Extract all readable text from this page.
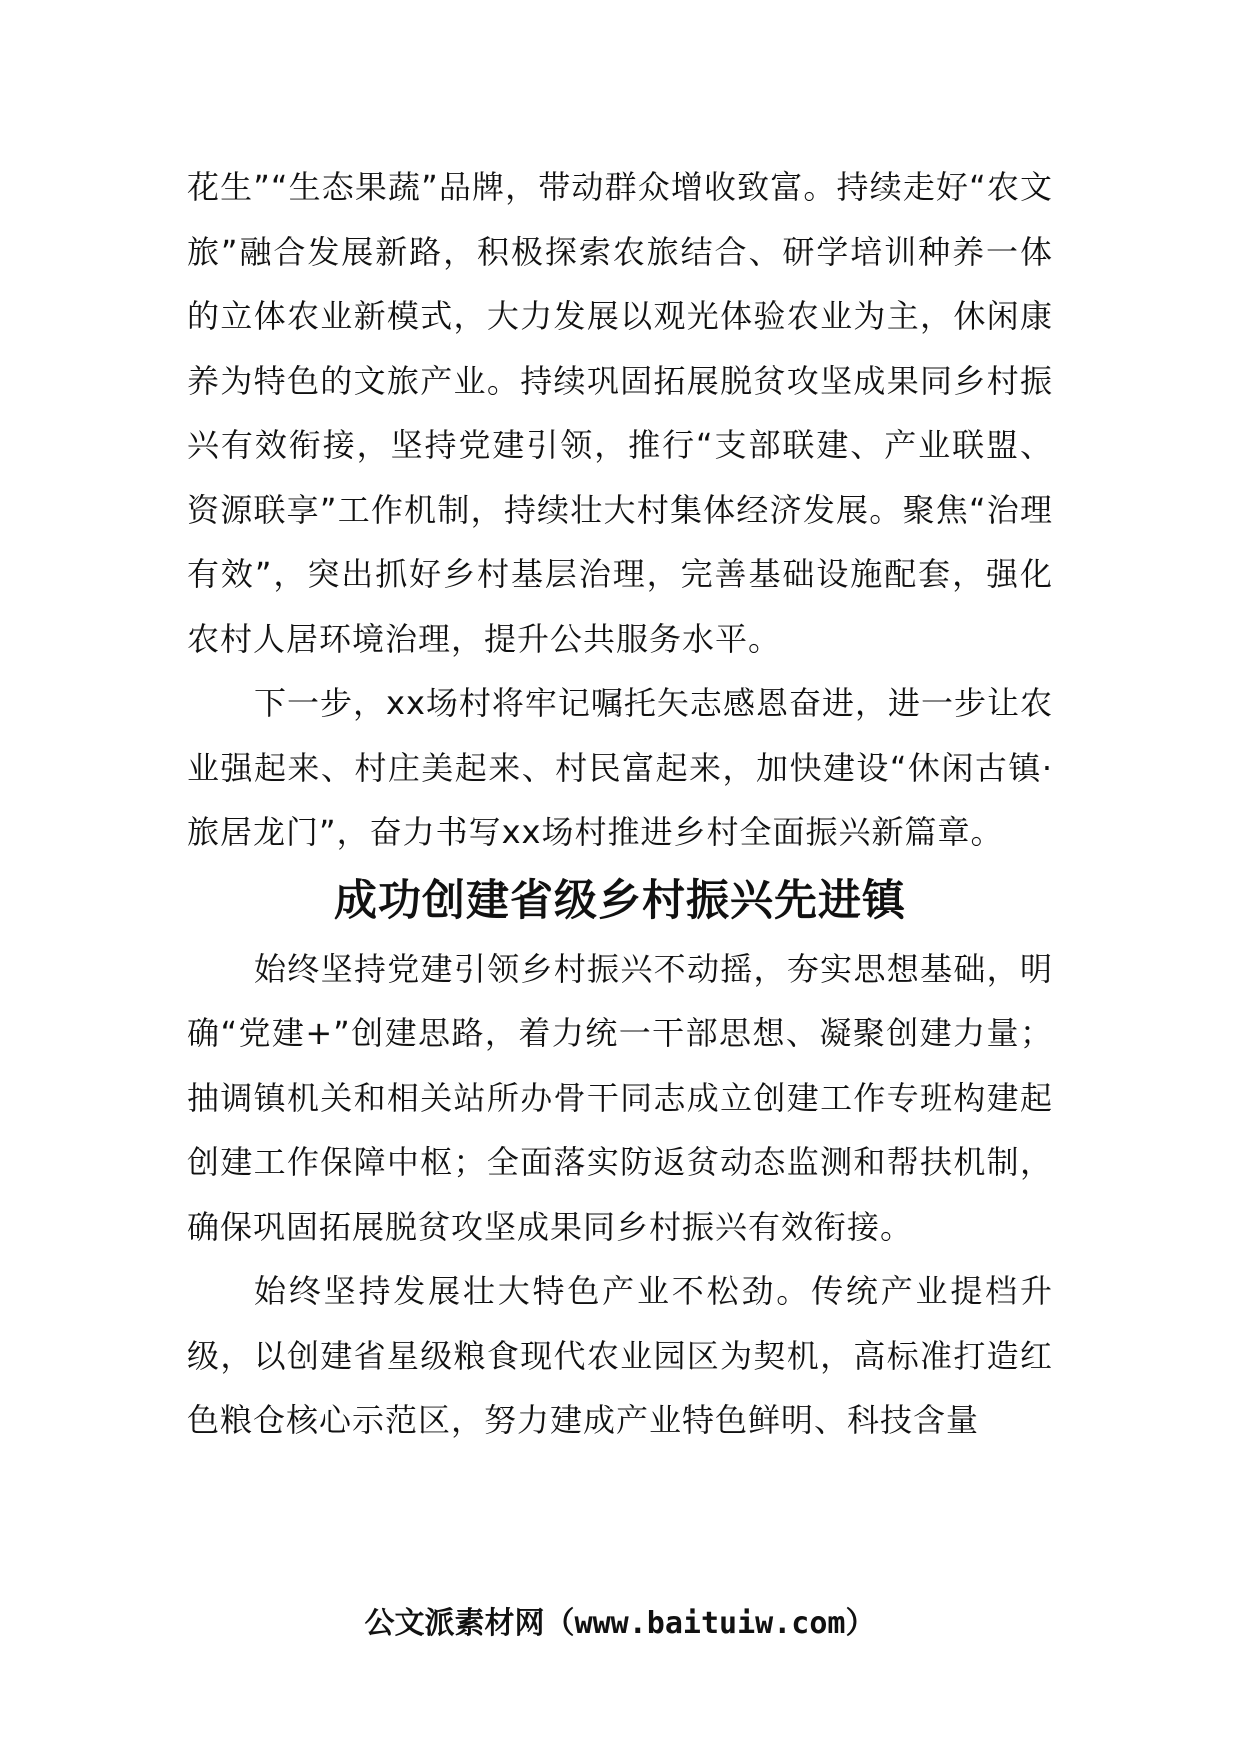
花生”“生态果蔬”品牌，带动群众增收致富。持续走好“农文旅”融合发展新路，积极探索农旅结合、研学培训种养一体的立体农业新模式，大力发展以观光体验农业为主，休闲康养为特色的文旅产业。持续巩固拓展脱贫攻坚成果同乡村振兴有效衔接，坚持党建引领，推行“支部联建、产业联盟、资源联享”工作机制，持续壮大村集体经济发展。聚焦“治理有效”，突出抓好乡村基层治理，完善基础设施配套，强化农村人居环境治理，提升公共服务水平。

下一步，xx场村将牢记嘱托矢志感恩奋进，进一步让农业强起来、村庄美起来、村民富起来，加快建设“休闲古镇·旅居龙门”，奋力书写xx场村推进乡村全面振兴新篇章。

成功创建省级乡村振兴先进镇

始终坚持党建引领乡村振兴不动摇，夯实思想基础，明确“党建+”创建思路，着力统一干部思想、凝聚创建力量；抽调镇机关和相关站所办骨干同志成立创建工作专班构建起创建工作保障中枢；全面落实防返贫动态监测和帮扶机制，确保巩固拓展脱贫攻坚成果同乡村振兴有效衔接。

始终坚持发展壮大特色产业不松劲。传统产业提档升级，以创建省星级粮食现代农业园区为契机，高标准打造红色粮仓核心示范区，努力建成产业特色鲜明、科技含量

公文派素材网（www.baituiw.com）
